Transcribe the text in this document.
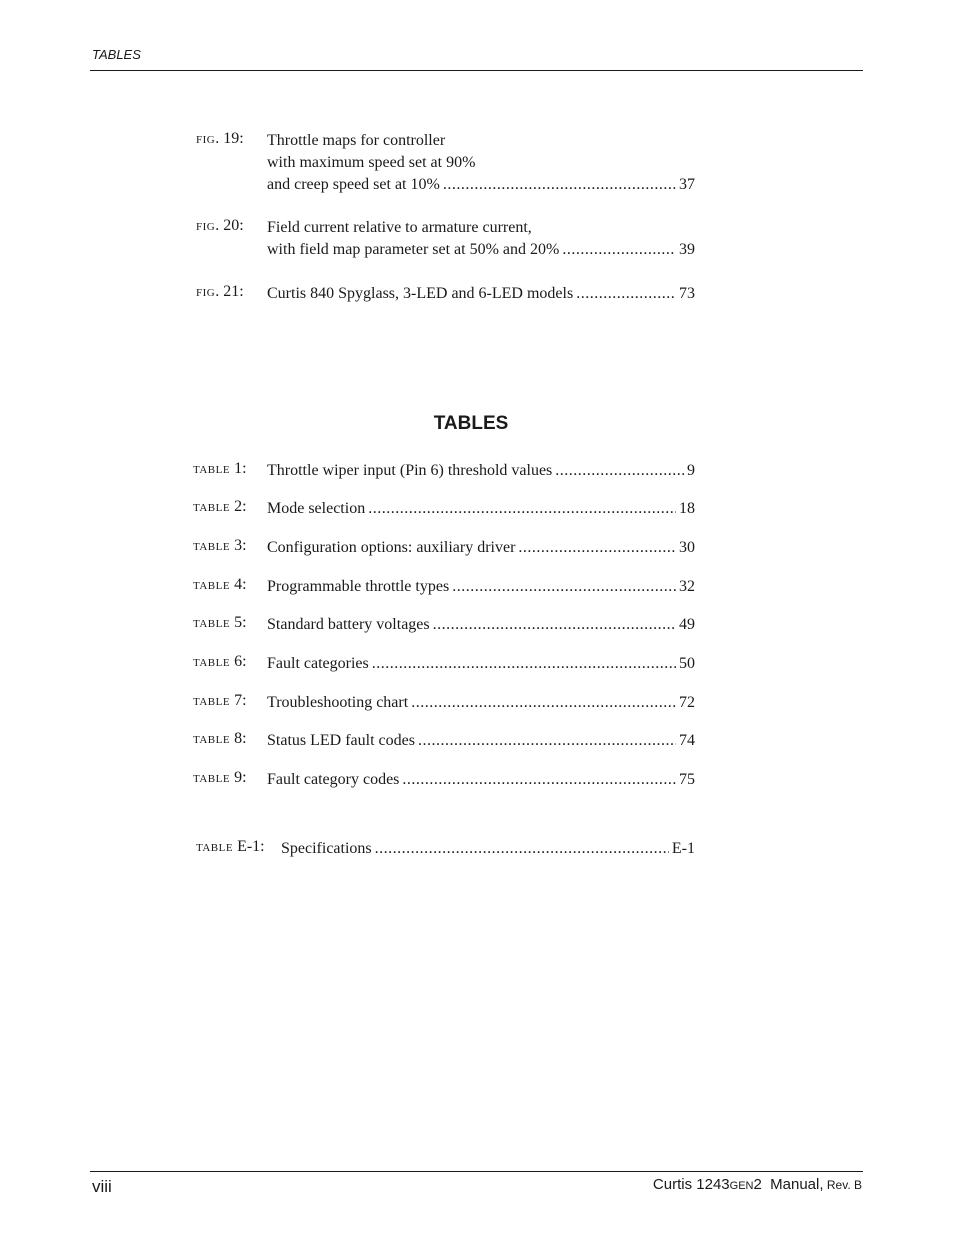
TABLES
FIG. 19: Throttle maps for controller
with maximum speed set at 90%
and creep speed set at 10% .....	37
FIG. 20: Field current relative to armature current,
with field map parameter set at 50% and 20% .....	39
FIG. 21: Curtis 840 Spyglass, 3-LED and 6-LED models .....	73
TABLES
TABLE 1: Throttle wiper input (Pin 6) threshold values .....	9
TABLE 2: Mode selection .....	18
TABLE 3: Configuration options: auxiliary driver .....	30
TABLE 4: Programmable throttle types .....	32
TABLE 5: Standard battery voltages .....	49
TABLE 6: Fault categories .....	50
TABLE 7: Troubleshooting chart .....	72
TABLE 8: Status LED fault codes .....	74
TABLE 9: Fault category codes .....	75
TABLE E-1: Specifications .....	E-1
viii	Curtis 1243GEN2  Manual, Rev. B
